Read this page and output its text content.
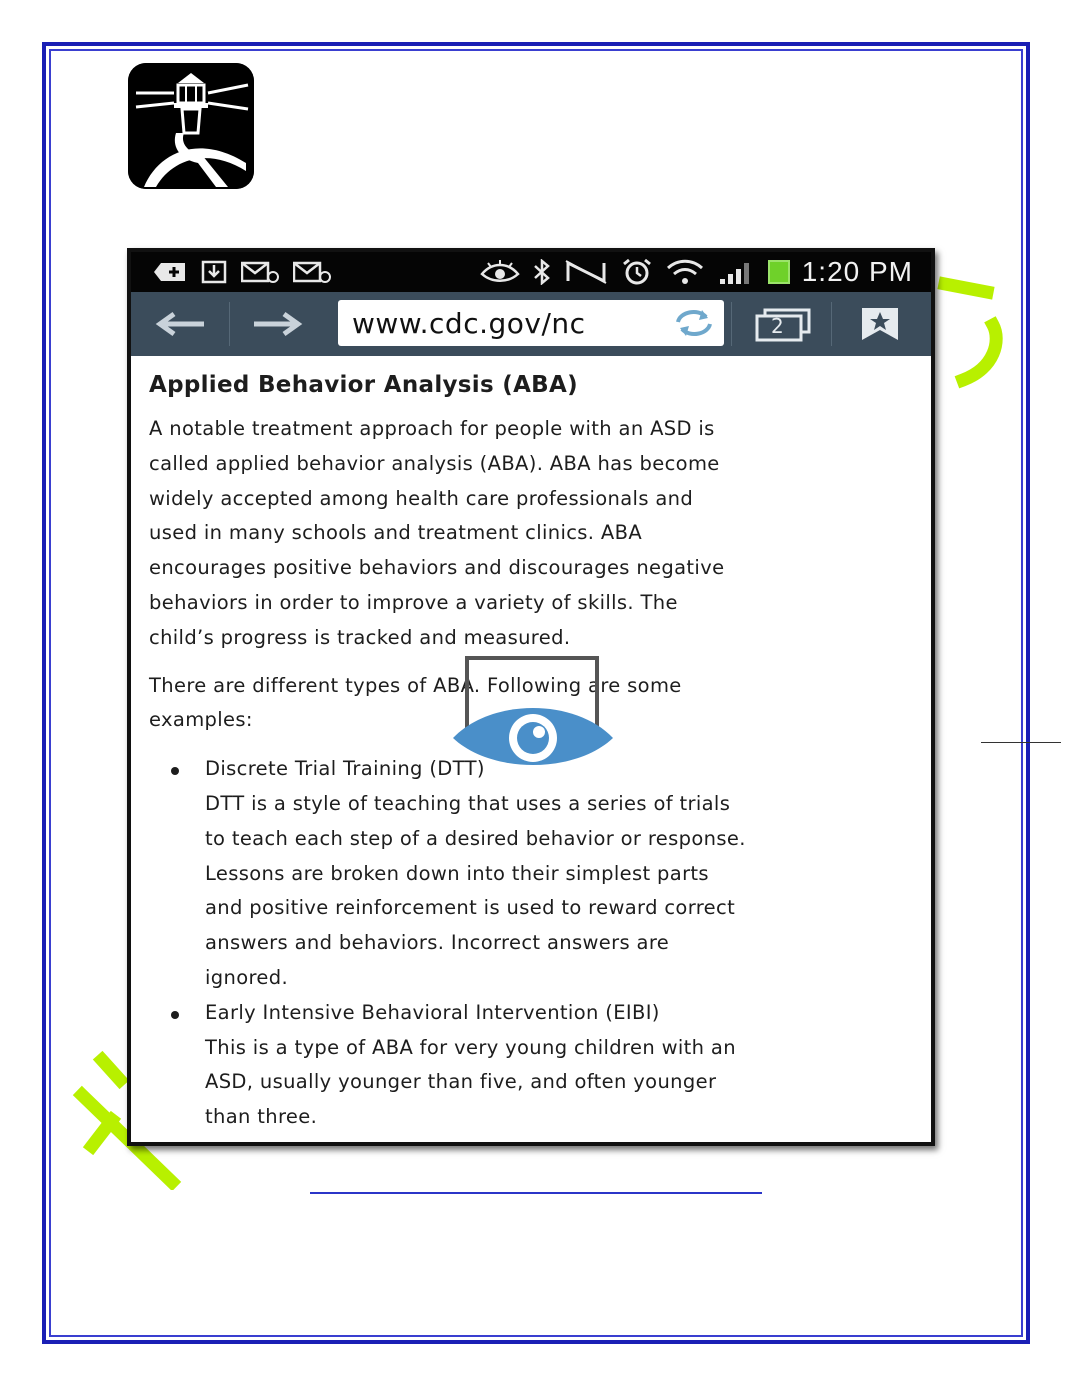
1:20 PM
www.cdc.gov/nc	2
Applied Behavior Analysis (ABA)

A notable treatment approach for people with an ASD is
called applied behavior analysis (ABA). ABA has become
widely accepted among health care professionals and
used in many schools and treatment clinics. ABA
encourages positive behaviors and discourages negative
behaviors in order to improve a variety of skills. The
child’s progress is tracked and measured.

There are different types of ABA. Following are some
examples:

Discrete Trial Training (DTT)
DTT is a style of teaching that uses a series of trials
to teach each step of a desired behavior or response.
Lessons are broken down into their simplest parts
and positive reinforcement is used to reward correct
answers and behaviors. Incorrect answers are
ignored.
Early Intensive Behavioral Intervention (EIBI)
This is a type of ABA for very young children with an
ASD, usually younger than five, and often younger
than three.
